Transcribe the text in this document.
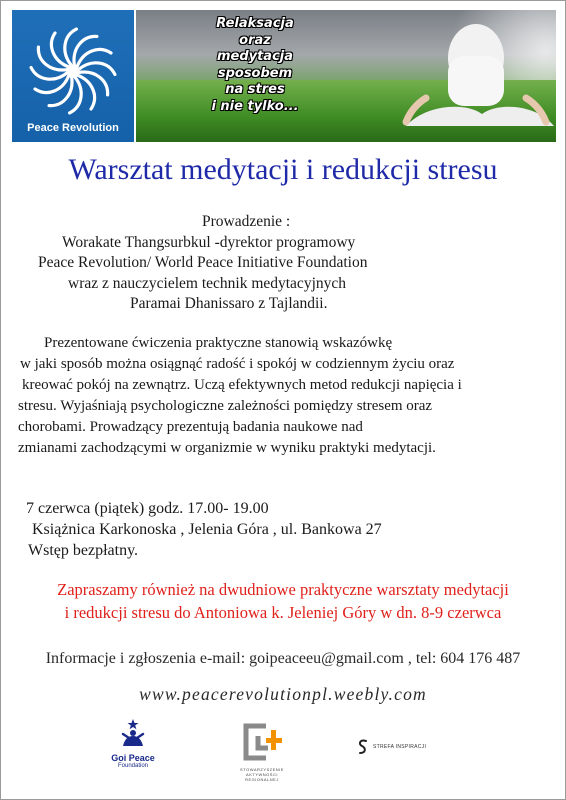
Peace Revolution
Relaksacja
oraz
medytacja
sposobem
na stres
i nie tylko...
Warsztat medytacji i redukcji stresu
Prowadzenie :
Worakate Thangsurbkul -dyrektor programowy
Peace Revolution/ World Peace Initiative Foundation
wraz z nauczycielem technik medytacyjnych
Paramai Dhanissaro z Tajlandii.
Prezentowane ćwiczenia praktyczne stanowią wskazówkę
w jaki sposób można osiągnąć radość i spokój w codziennym życiu oraz
kreować pokój na zewnątrz. Uczą efektywnych metod redukcji napięcia i
stresu. Wyjaśniają psychologiczne zależności pomiędzy stresem oraz
chorobami. Prowadzący prezentują badania naukowe nad
zmianami zachodzącymi w organizmie w wyniku praktyki medytacji.
7 czerwca (piątek) godz. 17.00- 19.00
Książnica Karkonoska , Jelenia Góra , ul. Bankowa 27
Wstęp bezpłatny.
Zapraszamy również na dwudniowe praktyczne warsztaty medytacji
i redukcji stresu do Antoniowa k. Jeleniej Góry w dn. 8-9 czerwca
Informacje i zgłoszenia e-mail: goipeaceeu@gmail.com , tel: 604 176 487
www.peacerevolutionpl.weebly.com
Goi Peace
Foundation
STOWARZYSZENIE AKTYWNOŚCI REGIONALNEJ
STREFA INSPIRACJI
